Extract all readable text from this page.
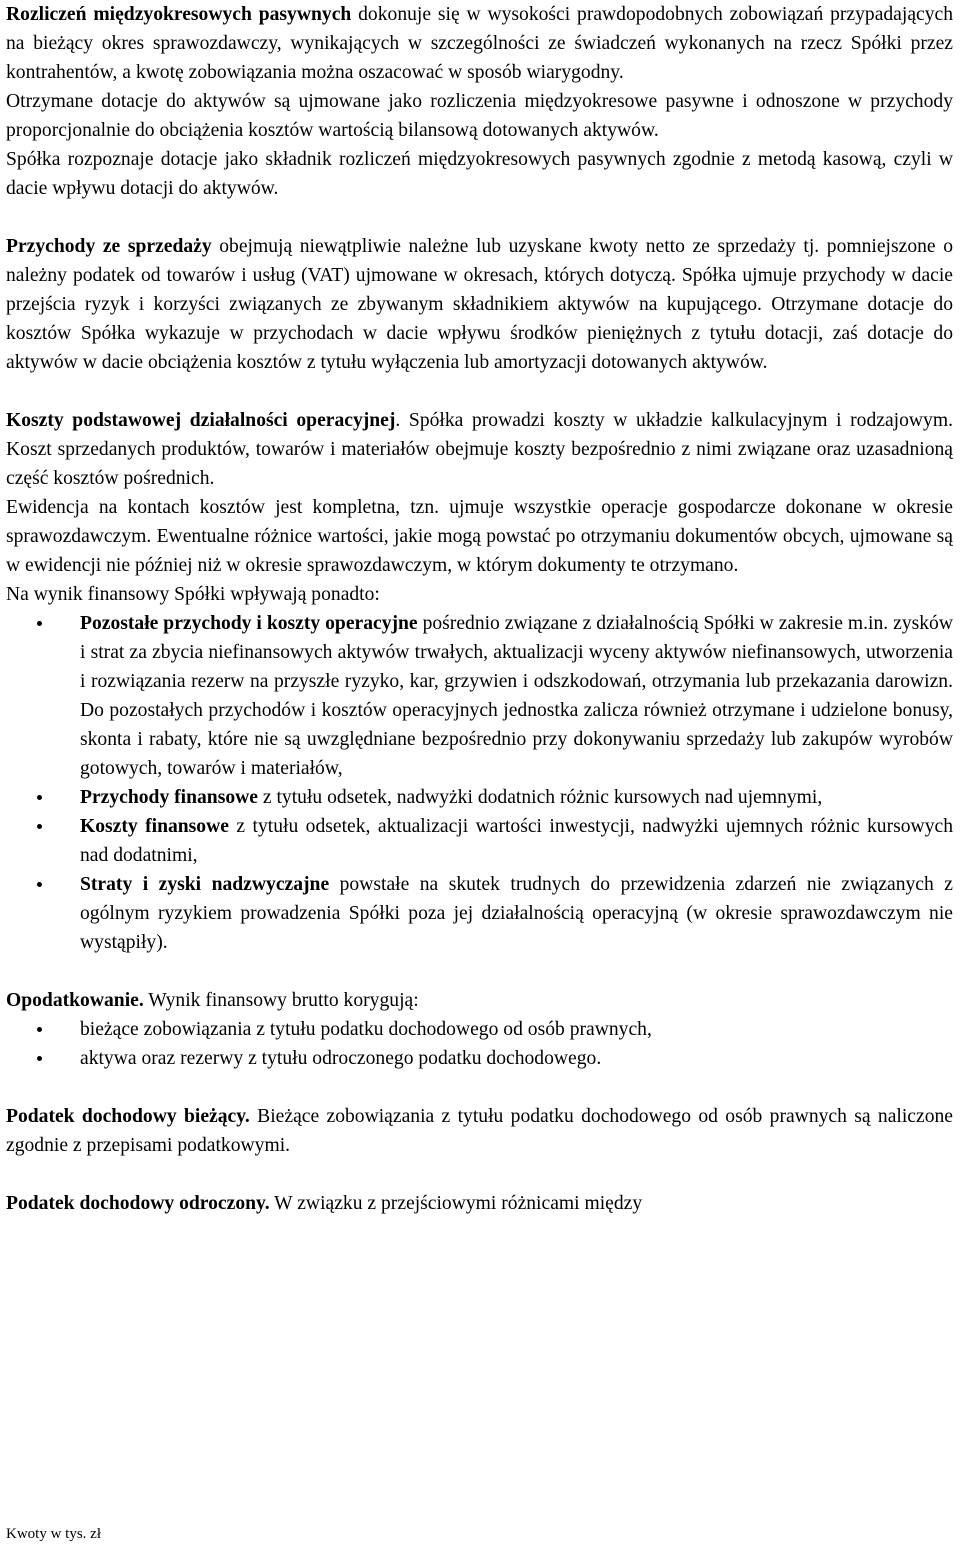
Rozliczeń międzyokresowych pasywnych dokonuje się w wysokości prawdopodobnych zobowiązań przypadających na bieżący okres sprawozdawczy, wynikających w szczególności ze świadczeń wykonanych na rzecz Spółki przez kontrahentów, a kwotę zobowiązania można oszacować w sposób wiarygodny.

Otrzymane dotacje do aktywów są ujmowane jako rozliczenia międzyokresowe pasywne i odnoszone w przychody proporcjonalnie do obciążenia kosztów wartością bilansową dotowanych aktywów.

Spółka rozpoznaje dotacje jako składnik rozliczeń międzyokresowych pasywnych zgodnie z metodą kasową, czyli w dacie wpływu dotacji do aktywów.

Przychody ze sprzedaży obejmują niewątpliwie należne lub uzyskane kwoty netto ze sprzedaży tj. pomniejszone o należny podatek od towarów i usług (VAT) ujmowane w okresach, których dotyczą. Spółka ujmuje przychody w dacie przejścia ryzyk i korzyści związanych ze zbywanym składnikiem aktywów na kupującego. Otrzymane dotacje do kosztów Spółka wykazuje w przychodach w dacie wpływu środków pieniężnych z tytułu dotacji, zaś dotacje do aktywów w dacie obciążenia kosztów z tytułu wyłączenia lub amortyzacji dotowanych aktywów.

Koszty podstawowej działalności operacyjnej. Spółka prowadzi koszty w układzie kalkulacyjnym i rodzajowym. Koszt sprzedanych produktów, towarów i materiałów obejmuje koszty bezpośrednio z nimi związane oraz uzasadnioną część kosztów pośrednich.

Ewidencja na kontach kosztów jest kompletna, tzn. ujmuje wszystkie operacje gospodarcze dokonane w okresie sprawozdawczym. Ewentualne różnice wartości, jakie mogą powstać po otrzymaniu dokumentów obcych, ujmowane są w ewidencji nie później niż w okresie sprawozdawczym, w którym dokumenty te otrzymano.

Na wynik finansowy Spółki wpływają ponadto:

Pozostałe przychody i koszty operacyjne pośrednio związane z działalnością Spółki w zakresie m.in. zysków i strat za zbycia niefinansowych aktywów trwałych, aktualizacji wyceny aktywów niefinansowych, utworzenia i rozwiązania rezerw na przyszłe ryzyko, kar, grzywien i odszkodowań, otrzymania lub przekazania darowizn. Do pozostałych przychodów i kosztów operacyjnych jednostka zalicza również otrzymane i udzielone bonusy, skonta i rabaty, które nie są uwzględniane bezpośrednio przy dokonywaniu sprzedaży lub zakupów wyrobów gotowych, towarów i materiałów,
Przychody finansowe z tytułu odsetek, nadwyżki dodatnich różnic kursowych nad ujemnymi,
Koszty finansowe z tytułu odsetek, aktualizacji wartości inwestycji, nadwyżki ujemnych różnic kursowych nad dodatnimi,
Straty i zyski nadzwyczajne powstałe na skutek trudnych do przewidzenia zdarzeń nie związanych z ogólnym ryzykiem prowadzenia Spółki poza jej działalnością operacyjną (w okresie sprawozdawczym nie wystąpiły).

Opodatkowanie. Wynik finansowy brutto korygują:

bieżące zobowiązania z tytułu podatku dochodowego od osób prawnych,
aktywa oraz rezerwy z tytułu odroczonego podatku dochodowego.

Podatek dochodowy bieżący. Bieżące zobowiązania z tytułu podatku dochodowego od osób prawnych są naliczone zgodnie z przepisami podatkowymi.

Podatek dochodowy odroczony. W związku z przejściowymi różnicami między

Kwoty w tys. zł
